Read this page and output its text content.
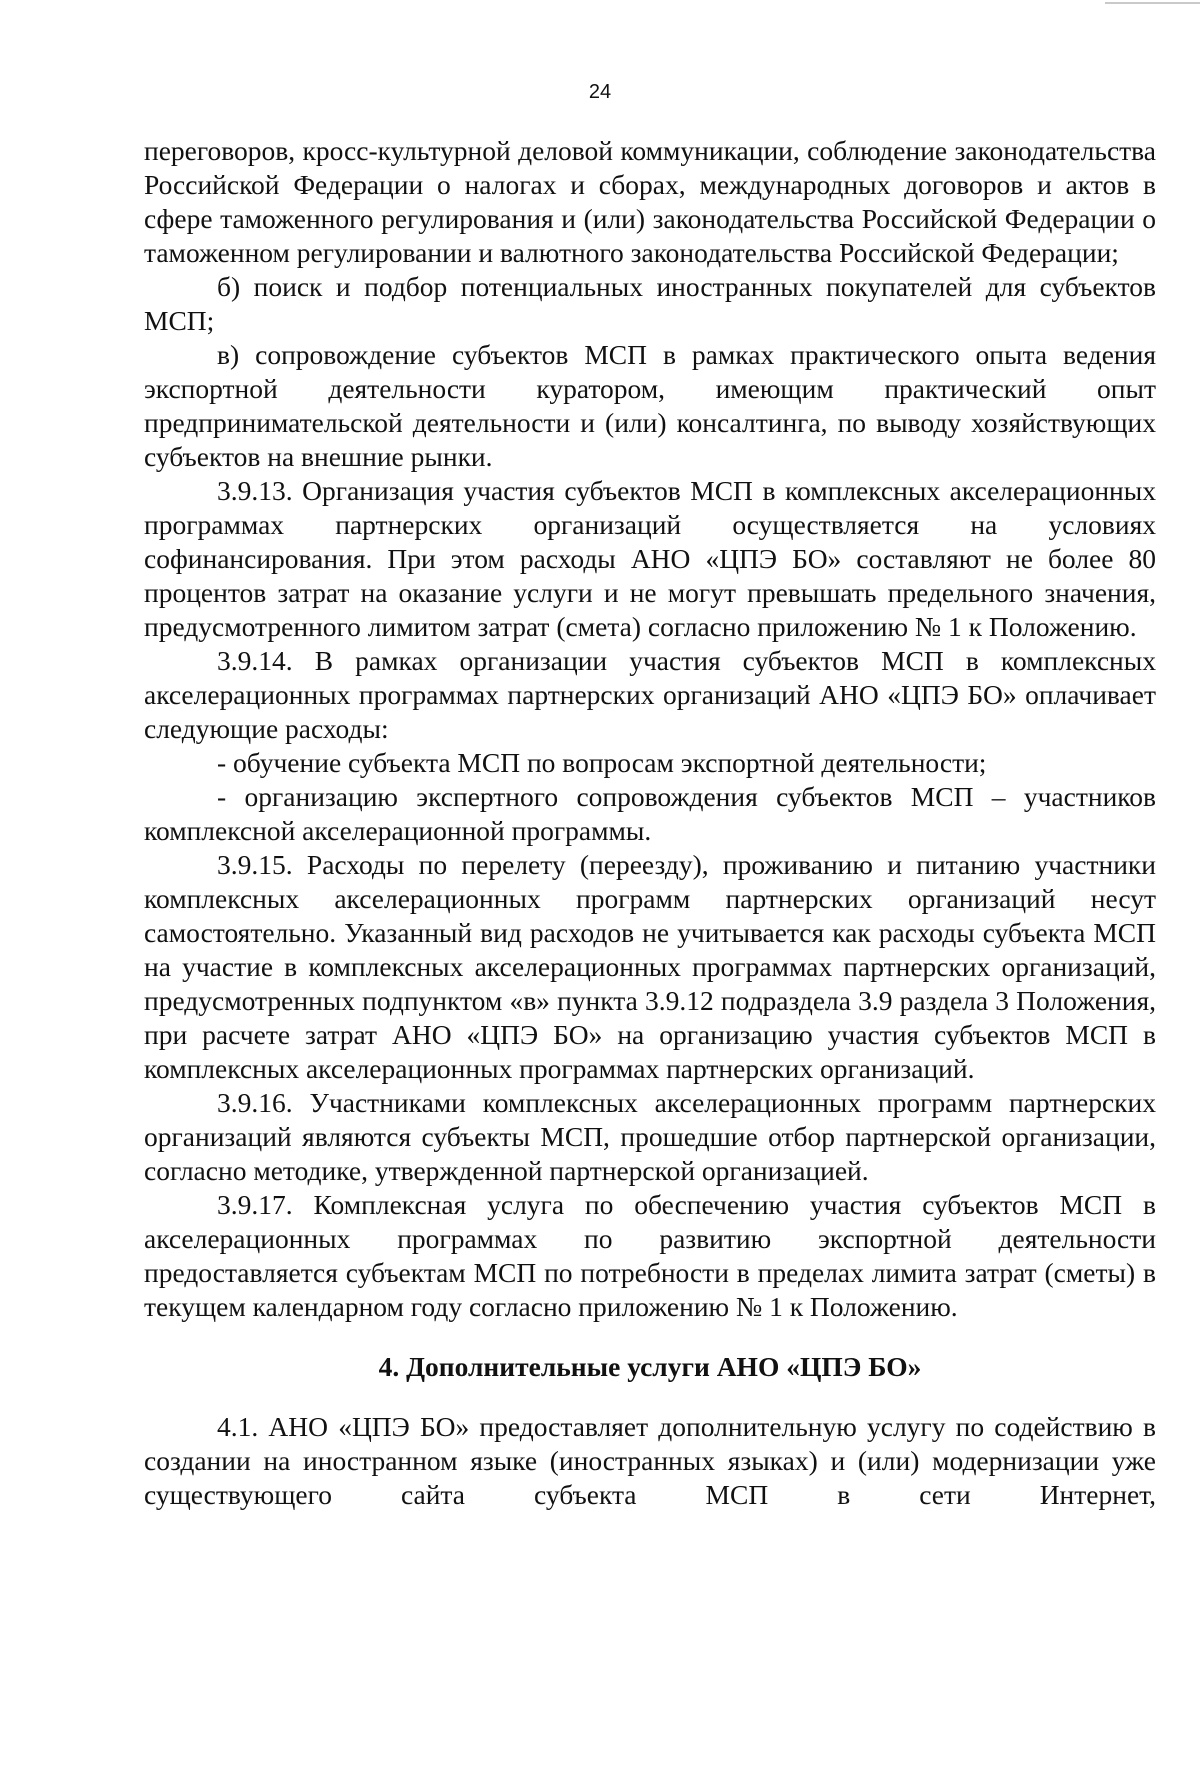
24

переговоров, кросс-культурной деловой коммуникации, соблюдение законодательства Российской Федерации о налогах и сборах, международных договоров и актов в сфере таможенного регулирования и (или) законодательства Российской Федерации о таможенном регулировании и валютного законодательства Российской Федерации;

б) поиск и подбор потенциальных иностранных покупателей для субъектов МСП;

в) сопровождение субъектов МСП в рамках практического опыта ведения экспортной деятельности куратором, имеющим практический опыт предпринимательской деятельности и (или) консалтинга, по выводу хозяйствующих субъектов на внешние рынки.

3.9.13. Организация участия субъектов МСП в комплексных акселерационных программах партнерских организаций осуществляется на условиях софинансирования. При этом расходы АНО «ЦПЭ БО» составляют не более 80 процентов затрат на оказание услуги и не могут превышать предельного значения, предусмотренного лимитом затрат (смета) согласно приложению № 1 к Положению.

3.9.14. В рамках организации участия субъектов МСП в комплексных акселерационных программах партнерских организаций АНО «ЦПЭ БО» оплачивает следующие расходы:

- обучение субъекта МСП по вопросам экспортной деятельности;

- организацию экспертного сопровождения субъектов МСП – участников комплексной акселерационной программы.

3.9.15. Расходы по перелету (переезду), проживанию и питанию участники комплексных акселерационных программ партнерских организаций несут самостоятельно. Указанный вид расходов не учитывается как расходы субъекта МСП на участие в комплексных акселерационных программах партнерских организаций, предусмотренных подпунктом «в» пункта 3.9.12 подраздела 3.9 раздела 3 Положения, при расчете затрат АНО «ЦПЭ БО» на организацию участия субъектов МСП в комплексных акселерационных программах партнерских организаций.

3.9.16. Участниками комплексных акселерационных программ партнерских организаций являются субъекты МСП, прошедшие отбор партнерской организации, согласно методике, утвержденной партнерской организацией.

3.9.17. Комплексная услуга по обеспечению участия субъектов МСП в акселерационных программах по развитию экспортной деятельности предоставляется субъектам МСП по потребности в пределах лимита затрат (сметы) в текущем календарном году согласно приложению № 1 к Положению.

4. Дополнительные услуги АНО «ЦПЭ БО»

4.1. АНО «ЦПЭ БО» предоставляет дополнительную услугу по содействию в создании на иностранном языке (иностранных языках) и (или) модернизации уже существующего сайта субъекта МСП в сети Интернет,
